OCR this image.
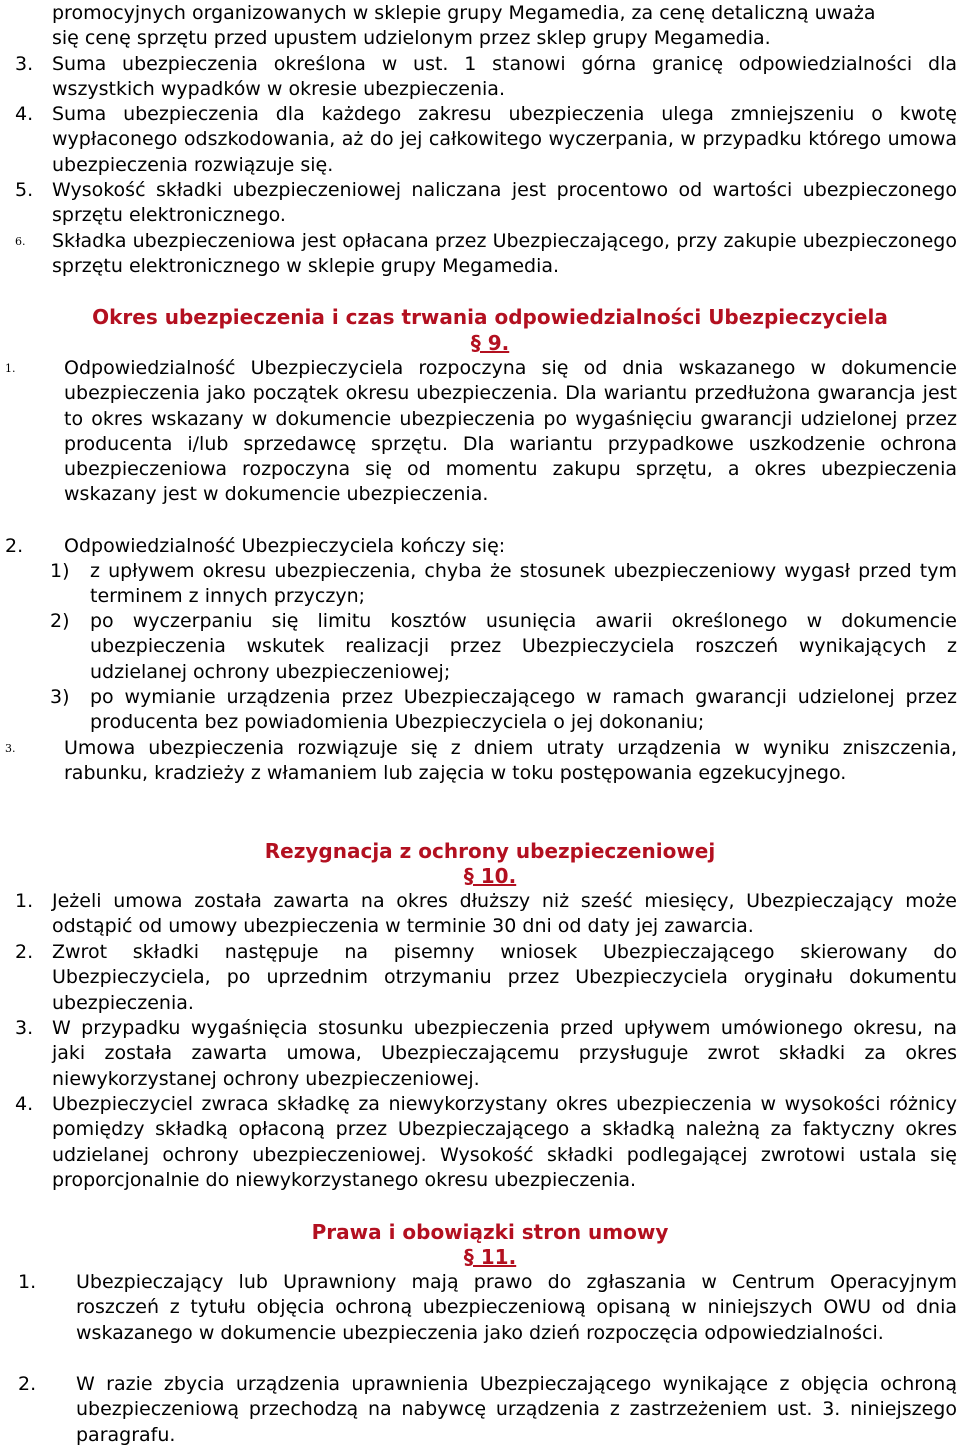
promocyjnych organizowanych w sklepie grupy Megamedia, za cenę detaliczną uważa
się cenę sprzętu przed upustem udzielonym przez sklep grupy Megamedia.
3. Suma ubezpieczenia określona w ust. 1 stanowi górna granicę odpowiedzialności dla wszystkich wypadków w okresie ubezpieczenia.
4. Suma ubezpieczenia dla każdego zakresu ubezpieczenia ulega zmniejszeniu o kwotę wypłaconego odszkodowania, aż do jej całkowitego wyczerpania, w przypadku którego umowa ubezpieczenia rozwiązuje się.
5. Wysokość składki ubezpieczeniowej naliczana jest procentowo od wartości ubezpieczonego sprzętu elektronicznego.
6.	Składka ubezpieczeniowa jest opłacana przez Ubezpieczającego, przy zakupie ubezpieczonego sprzętu elektronicznego w sklepie grupy Megamedia.
Okres ubezpieczenia i czas trwania odpowiedzialności Ubezpieczyciela
§ 9.
1.	Odpowiedzialność Ubezpieczyciela rozpoczyna się od dnia wskazanego w dokumencie ubezpieczenia jako początek okresu ubezpieczenia. Dla wariantu przedłużona gwarancja jest to okres wskazany w dokumencie ubezpieczenia po wygaśnięciu gwarancji udzielonej przez producenta i/lub sprzedawcę sprzętu. Dla wariantu przypadkowe uszkodzenie ochrona ubezpieczeniowa rozpoczyna się od momentu zakupu sprzętu, a okres ubezpieczenia wskazany jest w dokumencie ubezpieczenia.
2.	Odpowiedzialność Ubezpieczyciela kończy się:
1)	z upływem okresu ubezpieczenia, chyba że stosunek ubezpieczeniowy wygasł przed tym terminem z innych przyczyn;
2)	po wyczerpaniu się limitu kosztów usunięcia awarii określonego w dokumencie ubezpieczenia wskutek realizacji przez Ubezpieczyciela roszczeń wynikających z udzielanej ochrony ubezpieczeniowej;
3)	po wymianie urządzenia przez Ubezpieczającego w ramach gwarancji udzielonej przez producenta bez powiadomienia Ubezpieczyciela o jej dokonaniu;
3.	Umowa ubezpieczenia rozwiązuje się z dniem utraty urządzenia w wyniku zniszczenia, rabunku, kradzieży z włamaniem lub zajęcia w toku postępowania egzekucyjnego.
Rezygnacja z ochrony ubezpieczeniowej
§ 10.
1. Jeżeli umowa została zawarta na okres dłuższy niż sześć miesięcy, Ubezpieczający może odstąpić od umowy ubezpieczenia w terminie 30 dni od daty jej zawarcia.
2. Zwrot składki następuje na pisemny wniosek Ubezpieczającego skierowany do Ubezpieczyciela, po uprzednim otrzymaniu przez Ubezpieczyciela oryginału dokumentu ubezpieczenia.
3. W przypadku wygaśnięcia stosunku ubezpieczenia przed upływem umówionego okresu, na jaki została zawarta umowa, Ubezpieczającemu przysługuje zwrot składki za okres niewykorzystanej ochrony ubezpieczeniowej.
4. Ubezpieczyciel zwraca składkę za niewykorzystany okres ubezpieczenia w wysokości różnicy pomiędzy składką opłaconą przez Ubezpieczającego a składką należną za faktyczny okres udzielanej ochrony ubezpieczeniowej. Wysokość składki podlegającej zwrotowi ustala się proporcjonalnie do niewykorzystanego okresu ubezpieczenia.
Prawa i obowiązki stron umowy
§ 11.
1.	Ubezpieczający lub Uprawniony mają prawo do zgłaszania w Centrum Operacyjnym roszczeń z tytułu objęcia ochroną ubezpieczeniową opisaną w niniejszych OWU od dnia wskazanego w dokumencie ubezpieczenia jako dzień rozpoczęcia odpowiedzialności.
2.	W razie zbycia urządzenia uprawnienia Ubezpieczającego wynikające z objęcia ochroną ubezpieczeniową przechodzą na nabywcę urządzenia z zastrzeżeniem ust. 3. niniejszego paragrafu.
